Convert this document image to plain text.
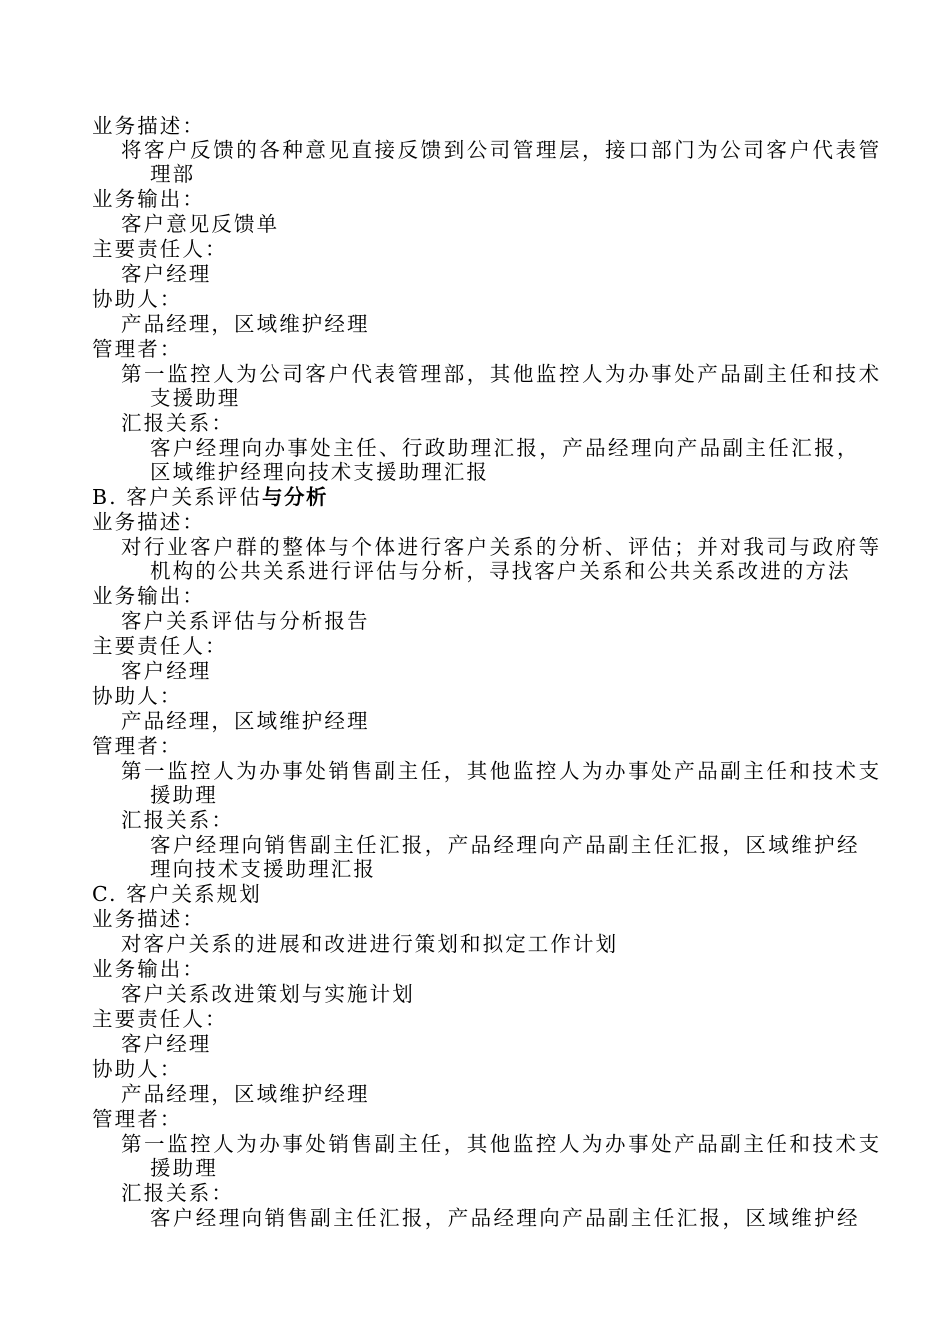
业务描述：
将客户反馈的各种意见直接反馈到公司管理层，接口部门为公司客户代表管
理部
业务输出：
客户意见反馈单
主要责任人：
客户经理
协助人：
产品经理，区域维护经理
管理者：
第一监控人为公司客户代表管理部，其他监控人为办事处产品副主任和技术
支援助理
汇报关系：
客户经理向办事处主任、行政助理汇报，产品经理向产品副主任汇报，
区域维护经理向技术支援助理汇报
B. 客户关系评估与分析
业务描述：
对行业客户群的整体与个体进行客户关系的分析、评估；并对我司与政府等
机构的公共关系进行评估与分析，寻找客户关系和公共关系改进的方法
业务输出：
客户关系评估与分析报告
主要责任人：
客户经理
协助人：
产品经理，区域维护经理
管理者：
第一监控人为办事处销售副主任，其他监控人为办事处产品副主任和技术支
援助理
汇报关系：
客户经理向销售副主任汇报，产品经理向产品副主任汇报，区域维护经
理向技术支援助理汇报
C. 客户关系规划
业务描述：
对客户关系的进展和改进进行策划和拟定工作计划
业务输出：
客户关系改进策划与实施计划
主要责任人：
客户经理
协助人：
产品经理，区域维护经理
管理者：
第一监控人为办事处销售副主任，其他监控人为办事处产品副主任和技术支
援助理
汇报关系：
客户经理向销售副主任汇报，产品经理向产品副主任汇报，区域维护经
